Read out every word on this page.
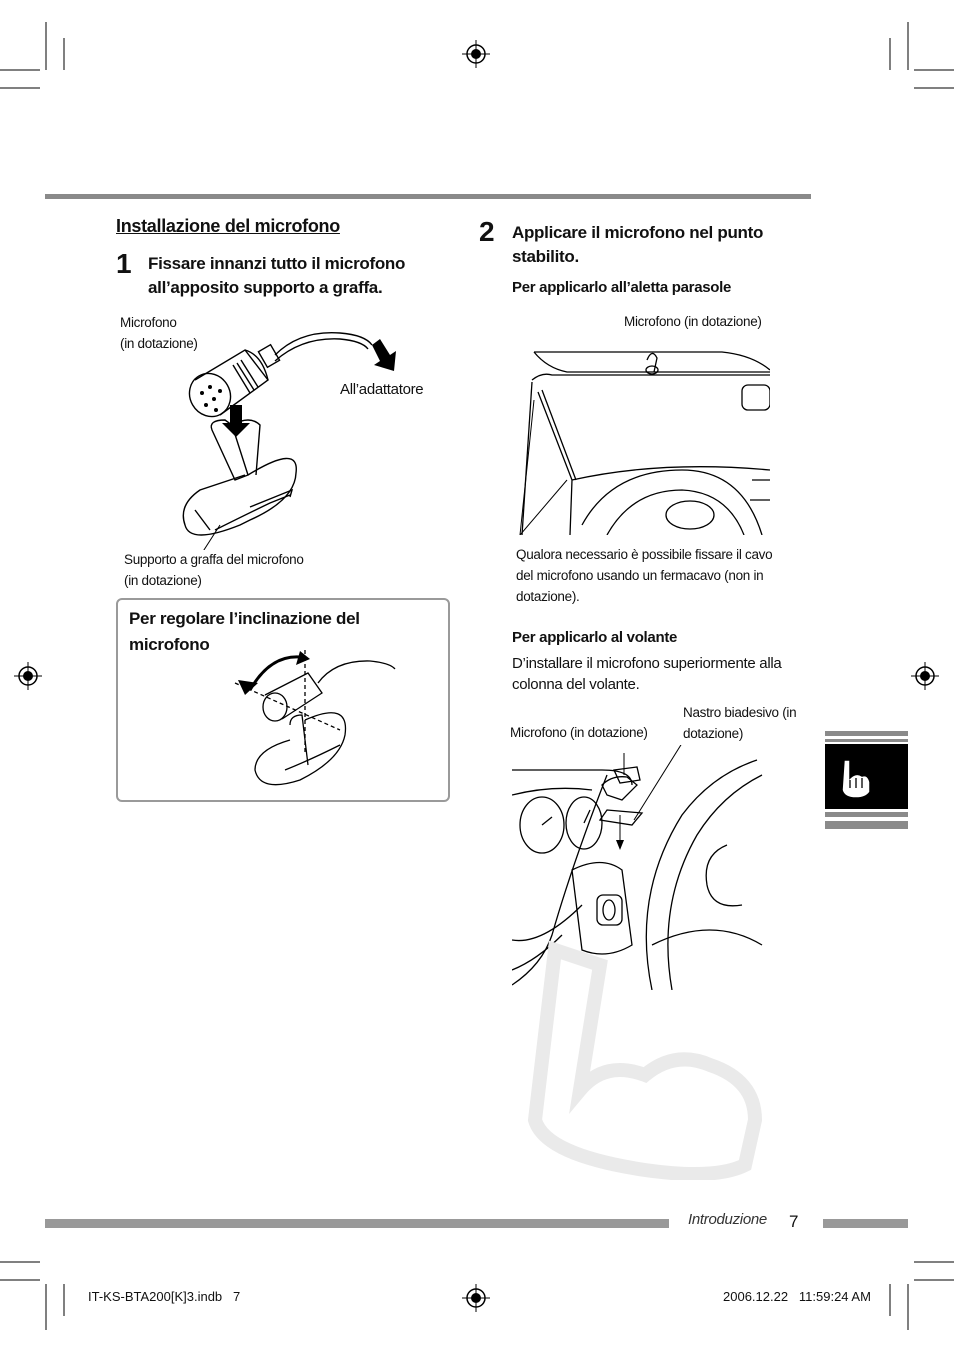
Installazione del microfono
1 Fissare innanzi tutto il microfono
all’apposito supporto a graffa.
Microfono
(in dotazione)
All’adattatore
Supporto a graffa del microfono
(in dotazione)
Per regolare l’inclinazione del
microfono
2 Applicare il microfono nel punto
stabilito.
Per applicarlo all’aletta parasole
Microfono (in dotazione)
Qualora necessario è possibile fissare il cavo
del microfono usando un fermacavo (non in
dotazione).
Per applicarlo al volante
D’installare il microfono superiormente alla
colonna del volante.
Microfono (in dotazione)
Nastro biadesivo (in
dotazione)
Introduzione 7
IT-KS-BTA200[K]3.indb   7	2006.12.22   11:59:24 AM
